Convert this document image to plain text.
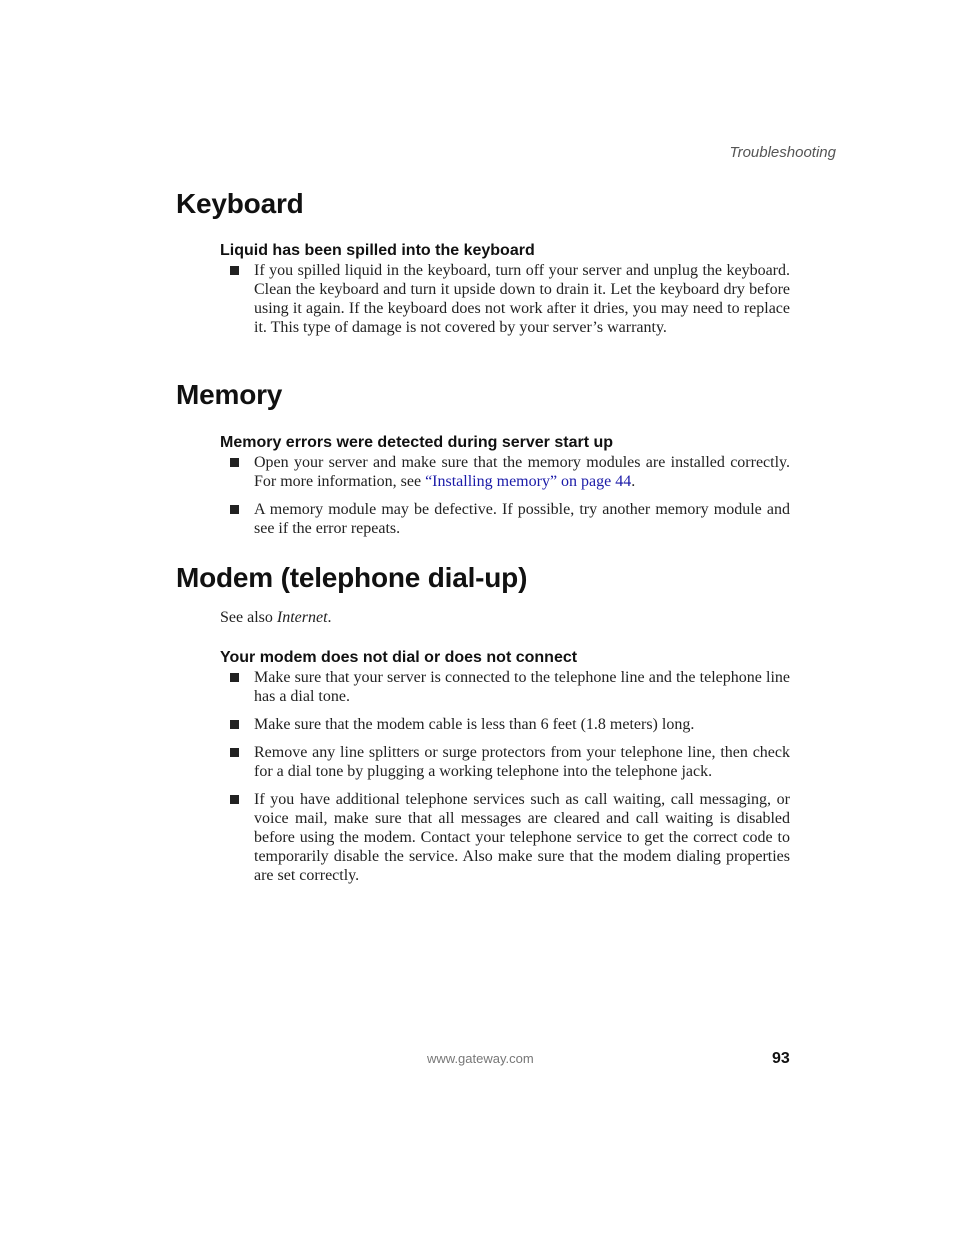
Troubleshooting
Keyboard
Liquid has been spilled into the keyboard
If you spilled liquid in the keyboard, turn off your server and unplug the keyboard. Clean the keyboard and turn it upside down to drain it. Let the keyboard dry before using it again. If the keyboard does not work after it dries, you may need to replace it. This type of damage is not covered by your server’s warranty.
Memory
Memory errors were detected during server start up
Open your server and make sure that the memory modules are installed correctly. For more information, see “Installing memory” on page 44.
A memory module may be defective. If possible, try another memory module and see if the error repeats.
Modem (telephone dial-up)
See also Internet.
Your modem does not dial or does not connect
Make sure that your server is connected to the telephone line and the telephone line has a dial tone.
Make sure that the modem cable is less than 6 feet (1.8 meters) long.
Remove any line splitters or surge protectors from your telephone line, then check for a dial tone by plugging a working telephone into the telephone jack.
If you have additional telephone services such as call waiting, call messaging, or voice mail, make sure that all messages are cleared and call waiting is disabled before using the modem. Contact your telephone service to get the correct code to temporarily disable the service. Also make sure that the modem dialing properties are set correctly.
www.gateway.com	93
